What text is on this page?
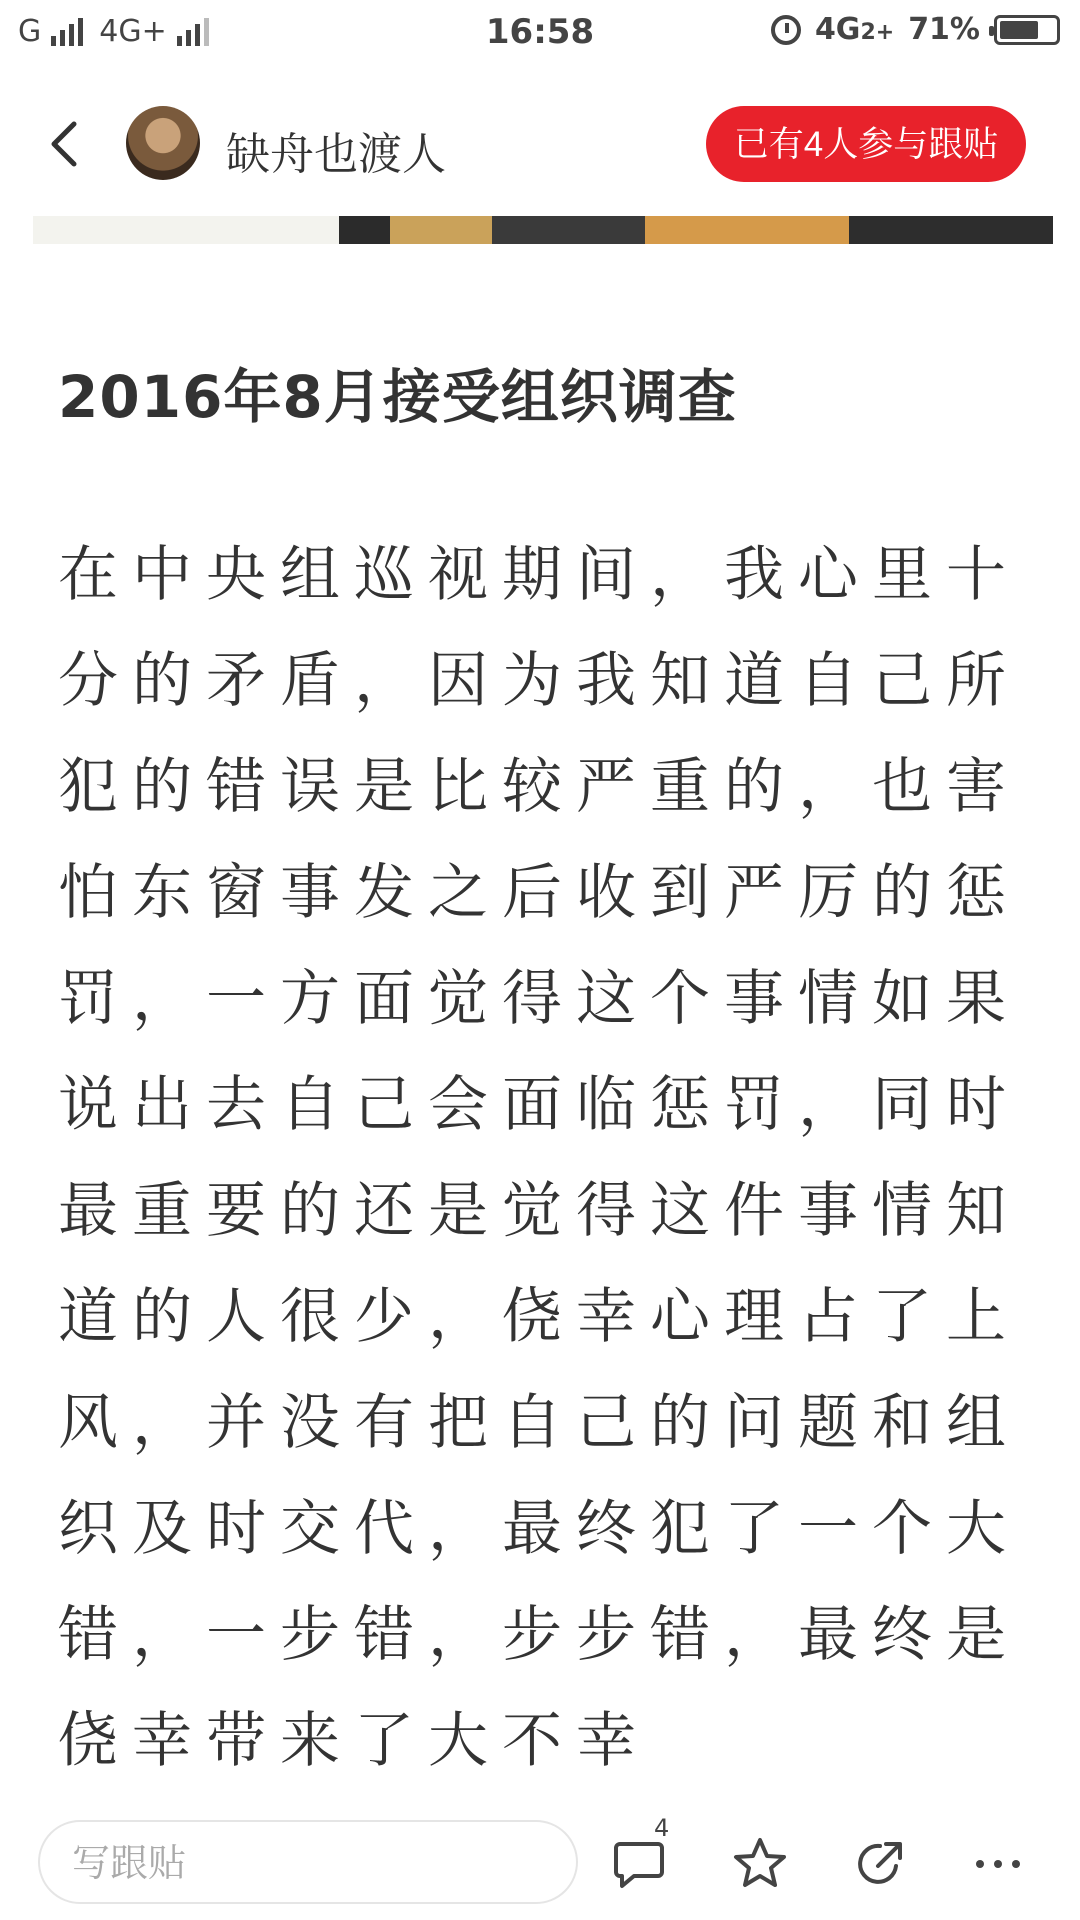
G 4G+	16:58	4G2+ 71%
缺舟也渡人	已有4人参与跟贴
2016年8月接受组织调查

在中央组巡视期间，我心里十分的矛盾，因为我知道自己所犯的错误是比较严重的，也害怕东窗事发之后收到严厉的惩罚，一方面觉得这个事情如果说出去自己会面临惩罚，同时最重要的还是觉得这件事情知道的人很少，侥幸心理占了上风，并没有把自己的问题和组织及时交代，最终犯了一个大错，一步错，步步错，最终是侥幸带来了大不幸

写跟贴
4
